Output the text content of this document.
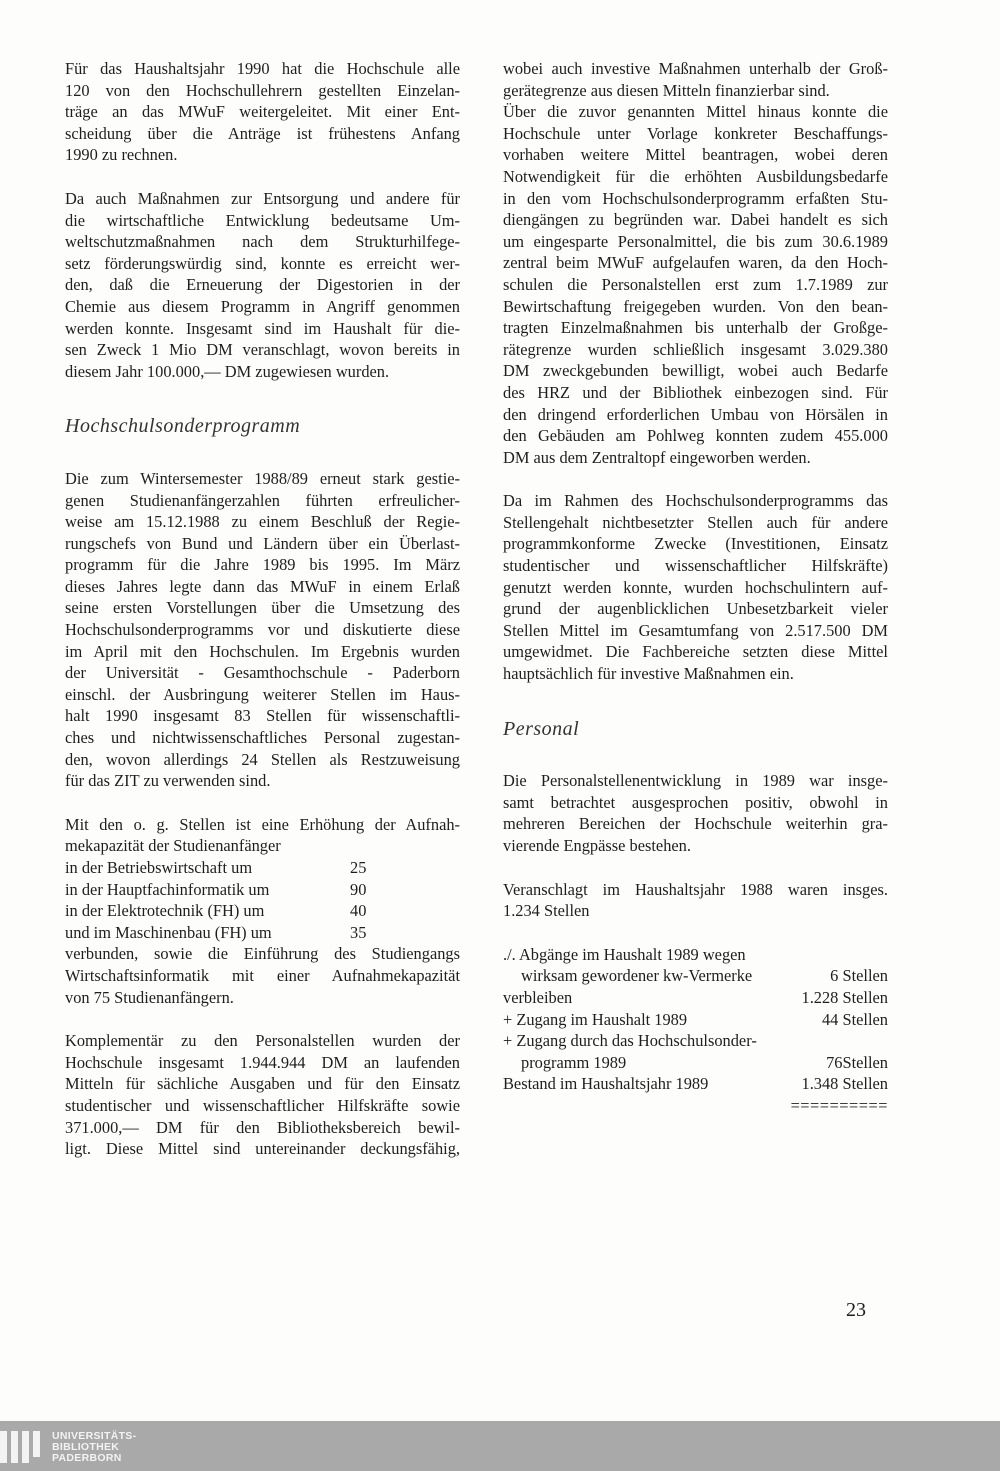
Für das Haushaltsjahr 1990 hat die Hochschule alle
120 von den Hochschullehrern gestellten Einzelan-
träge an das MWuF weitergeleitet. Mit einer Ent-
scheidung über die Anträge ist frühestens Anfang
1990 zu rechnen.
Da auch Maßnahmen zur Entsorgung und andere für
die wirtschaftliche Entwicklung bedeutsame Um-
weltschutzmaßnahmen nach dem Strukturhilfege-
setz förderungswürdig sind, konnte es erreicht wer-
den, daß die Erneuerung der Digestorien in der
Chemie aus diesem Programm in Angriff genommen
werden konnte. Insgesamt sind im Haushalt für die-
sen Zweck 1 Mio DM veranschlagt, wovon bereits in
diesem Jahr 100.000,— DM zugewiesen wurden.
Hochschulsonderprogramm
Die zum Wintersemester 1988/89 erneut stark gestie-
genen Studienanfängerzahlen führten erfreulicher-
weise am 15.12.1988 zu einem Beschluß der Regie-
rungschefs von Bund und Ländern über ein Überlast-
programm für die Jahre 1989 bis 1995. Im März
dieses Jahres legte dann das MWuF in einem Erlaß
seine ersten Vorstellungen über die Umsetzung des
Hochschulsonderprogramms vor und diskutierte diese
im April mit den Hochschulen. Im Ergebnis wurden
der Universität - Gesamthochschule - Paderborn
einschl. der Ausbringung weiterer Stellen im Haus-
halt 1990 insgesamt 83 Stellen für wissenschaftli-
ches und nichtwissenschaftliches Personal zugestan-
den, wovon allerdings 24 Stellen als Restzuweisung
für das ZIT zu verwenden sind.
Mit den o. g. Stellen ist eine Erhöhung der Aufnah-
mekapazität der Studienanfänger
in der Betriebswirtschaft um	25
in der Hauptfachinformatik um	90
in der Elektrotechnik (FH) um	40
und im Maschinenbau (FH) um	35
verbunden, sowie die Einführung des Studiengangs
Wirtschaftsinformatik mit einer Aufnahmekapazität
von 75 Studienanfängern.
Komplementär zu den Personalstellen wurden der
Hochschule insgesamt 1.944.944 DM an laufenden
Mitteln für sächliche Ausgaben und für den Einsatz
studentischer und wissenschaftlicher Hilfskräfte sowie
371.000,— DM für den Bibliotheksbereich bewil-
ligt. Diese Mittel sind untereinander deckungsfähig,
wobei auch investive Maßnahmen unterhalb der Groß-
gerätegrenze aus diesen Mitteln finanzierbar sind.
Über die zuvor genannten Mittel hinaus konnte die
Hochschule unter Vorlage konkreter Beschaffungs-
vorhaben weitere Mittel beantragen, wobei deren
Notwendigkeit für die erhöhten Ausbildungsbedarfe
in den vom Hochschulsonderprogramm erfaßten Stu-
diengängen zu begründen war. Dabei handelt es sich
um eingesparte Personalmittel, die bis zum 30.6.1989
zentral beim MWuF aufgelaufen waren, da den Hoch-
schulen die Personalstellen erst zum 1.7.1989 zur
Bewirtschaftung freigegeben wurden. Von den bean-
tragten Einzelmaßnahmen bis unterhalb der Großge-
rätegrenze wurden schließlich insgesamt 3.029.380
DM zweckgebunden bewilligt, wobei auch Bedarfe
des HRZ und der Bibliothek einbezogen sind. Für
den dringend erforderlichen Umbau von Hörsälen in
den Gebäuden am Pohlweg konnten zudem 455.000
DM aus dem Zentraltopf eingeworben werden.
Da im Rahmen des Hochschulsonderprogramms das
Stellengehalt nichtbesetzter Stellen auch für andere
programmkonforme Zwecke (Investitionen, Einsatz
studentischer und wissenschaftlicher Hilfskräfte)
genutzt werden konnte, wurden hochschulintern auf-
grund der augenblicklichen Unbesetzbarkeit vieler
Stellen Mittel im Gesamtumfang von 2.517.500 DM
umgewidmet. Die Fachbereiche setzten diese Mittel
hauptsächlich für investive Maßnahmen ein.
Personal
Die Personalstellenentwicklung in 1989 war insge-
samt betrachtet ausgesprochen positiv, obwohl in
mehreren Bereichen der Hochschule weiterhin gra-
vierende Engpässe bestehen.
Veranschlagt im Haushaltsjahr 1988 waren insges.
1.234 Stellen
./. Abgänge im Haushalt 1989 wegen
wirksam gewordener kw-Vermerke	6 Stellen
verbleiben	1.228 Stellen
+ Zugang im Haushalt 1989	44 Stellen
+ Zugang durch das Hochschulsonder-
programm 1989	76Stellen
Bestand im Haushaltsjahr 1989	1.348 Stellen
==========
23
UNIVERSITÄTS-
BIBLIOTHEK
PADERBORN
